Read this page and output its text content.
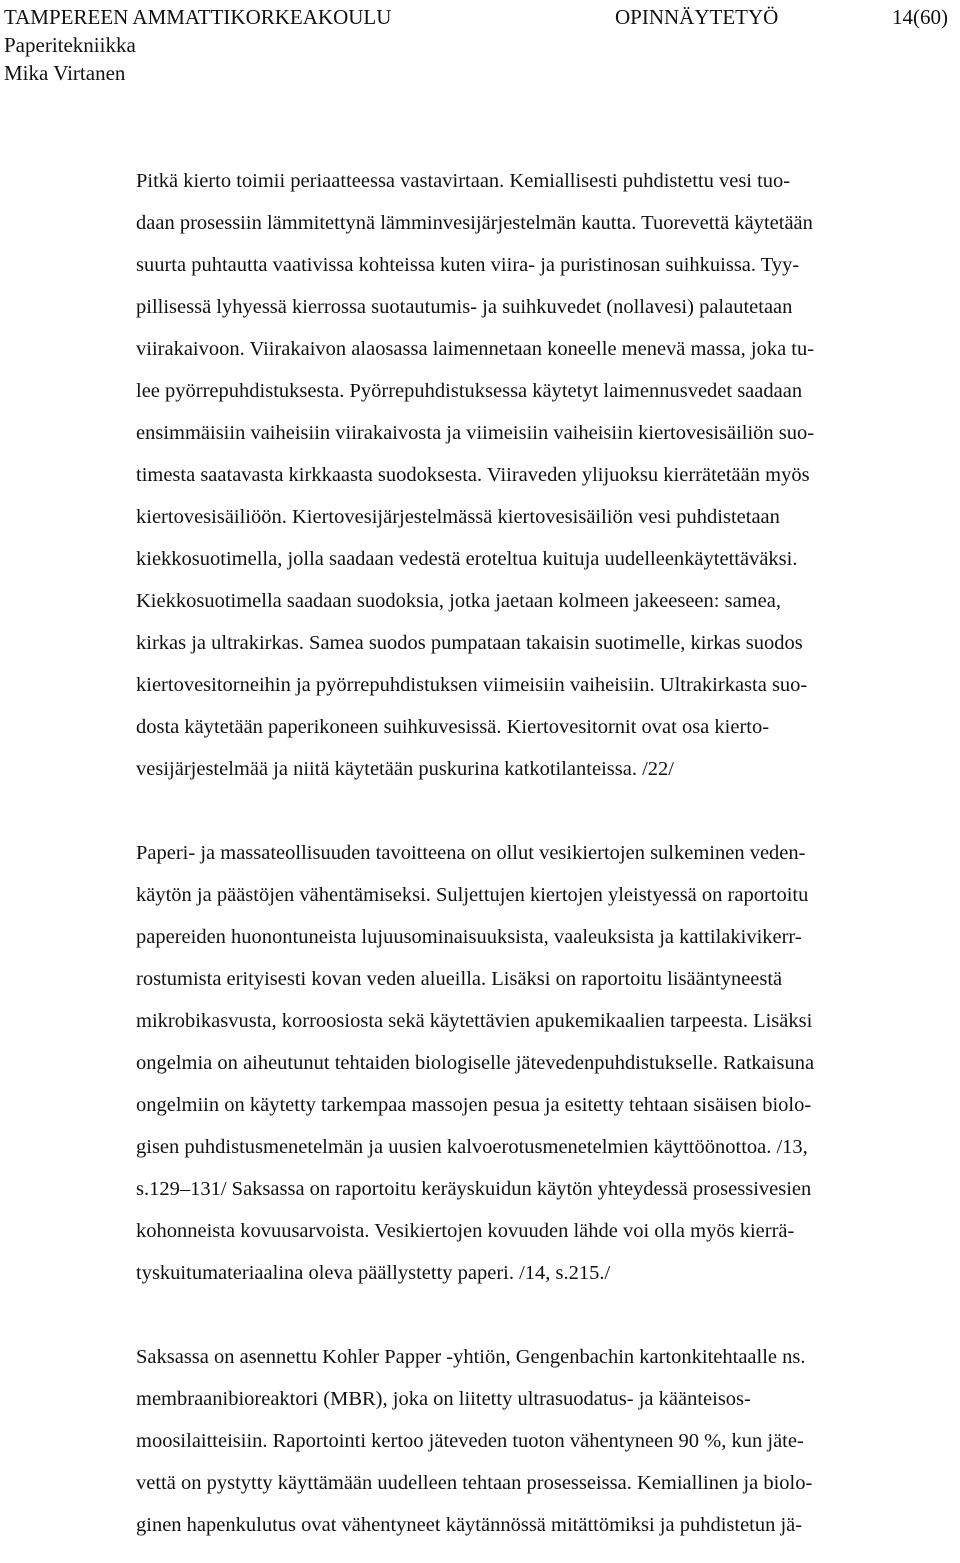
TAMPEREEN AMMATTIKORKEAKOULU	OPINNÄYTETYÖ	14(60)
Paperitekniikka
Mika Virtanen
Pitkä kierto toimii periaatteessa vastavirtaan. Kemiallisesti puhdistettu vesi tuo-
daan prosessiin lämmitettynä lämminvesijärjestelmän kautta. Tuorevettä käytetään
suurta puhtautta vaativissa kohteissa kuten viira- ja puristinosan suihkuissa. Tyy-
pillisessä lyhyessä kierrossa suotautumis- ja suihkuvedet (nollavesi) palautetaan
viirakaivoon. Viirakaivon alaosassa laimennetaan koneelle menevä massa, joka tu-
lee pyörrepuhdistuksesta. Pyörrepuhdistuksessa käytetyt laimennusvedet saadaan
ensimmäisiin vaiheisiin viirakaivosta ja viimeisiin vaiheisiin kiertovesisäiliön suo-
timesta saatavasta kirkkaasta suodoksesta. Viiraveden ylijuoksu kierrätetään myös
kiertovesisäiliöön. Kiertovesijärjestelmässä kiertovesisäiliön vesi puhdistetaan
kiekkosuotimella, jolla saadaan vedestä eroteltua kuituja uudelleenkäytettäväksi.
Kiekkosuotimella saadaan suodoksia, jotka jaetaan kolmeen jakeeseen: samea,
kirkas ja ultrakirkas. Samea suodos pumpataan takaisin suotimelle, kirkas suodos
kiertovesitorneihin ja pyörrepuhdistuksen viimeisiin vaiheisiin. Ultrakirkasta suo-
dosta käytetään paperikoneen suihkuvesissä. Kiertovesitornit ovat osa kierto-
vesijärjestelmää ja niitä käytetään puskurina katkotilanteissa. /22/
Paperi- ja massateollisuuden tavoitteena on ollut vesikiertojen sulkeminen veden-
käytön ja päästöjen vähentämiseksi. Suljettujen kiertojen yleistyessä on raportoitu
papereiden huonontuneista lujuusominaisuuksista, vaaleuksista ja kattilakivikerr-
rostumista erityisesti kovan veden alueilla. Lisäksi on raportoitu lisääntyneestä
mikrobikasvusta, korroosiosta sekä käytettävien apukemikaalien tarpeesta. Lisäksi
ongelmia on aiheutunut tehtaiden biologiselle jätevedenpuhdistukselle. Ratkaisuna
ongelmiin on käytetty tarkempaa massojen pesua ja esitetty tehtaan sisäisen biolo-
gisen puhdistusmenetelmän ja uusien kalvoerotusmenetelmien käyttöönottoa. /13,
s.129–131/ Saksassa on raportoitu keräyskuidun käytön yhteydessä prosessivesien
kohonneista kovuusarvoista. Vesikiertojen kovuuden lähde voi olla myös kierrä-
tyskuitumateriaalina oleva päällystetty paperi. /14, s.215./
Saksassa on asennettu Kohler Papper -yhtiön, Gengenbachin kartonkitehtaalle ns.
membraanibioreaktori (MBR), joka on liitetty ultrasuodatus- ja käänteisos-
moosilaitteisiin. Raportointi kertoo jäteveden tuoton vähentyneen 90 %, kun jäte-
vettä on pystytty käyttämään uudelleen tehtaan prosesseissa. Kemiallinen ja biolo-
ginen hapenkulutus ovat vähentyneet käytännössä mitättömiksi ja puhdistetun jä-
